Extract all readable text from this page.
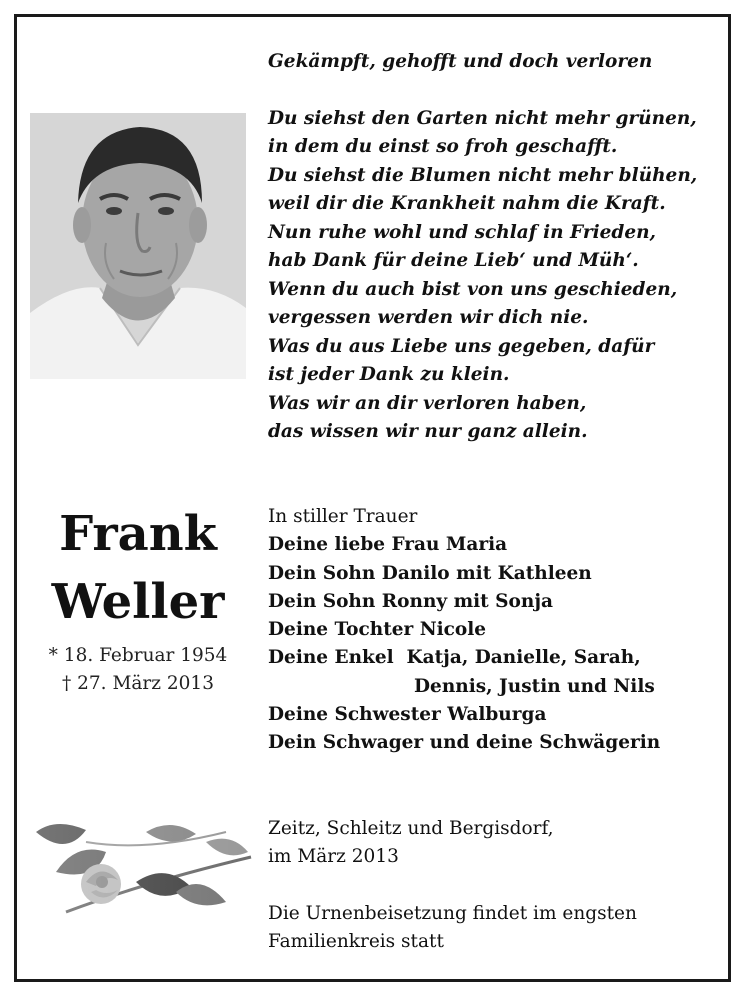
Gekämpft, gehofft und doch verloren
Du siehst den Garten nicht mehr grünen,
in dem du einst so froh geschafft.
Du siehst die Blumen nicht mehr blühen,
weil dir die Krankheit nahm die Kraft.
Nun ruhe wohl und schlaf in Frieden,
hab Dank für deine Lieb‘ und Müh‘.
Wenn du auch bist von uns geschieden,
vergessen werden wir dich nie.
Was du aus Liebe uns gegeben, dafür
ist jeder Dank zu klein.
Was wir an dir verloren haben,
das wissen wir nur ganz allein.
Frank
Weller
* 18. Februar 1954
† 27. März 2013
In stiller Trauer
Deine liebe Frau Maria
Dein Sohn Danilo mit Kathleen
Dein Sohn Ronny mit Sonja
Deine Tochter Nicole
Deine Enkel  Katja, Danielle, Sarah,
Dennis, Justin und Nils
Deine Schwester Walburga
Dein Schwager und deine Schwägerin
Zeitz, Schleitz und Bergisdorf,
im März 2013
Die Urnenbeisetzung findet im engsten
Familienkreis statt
